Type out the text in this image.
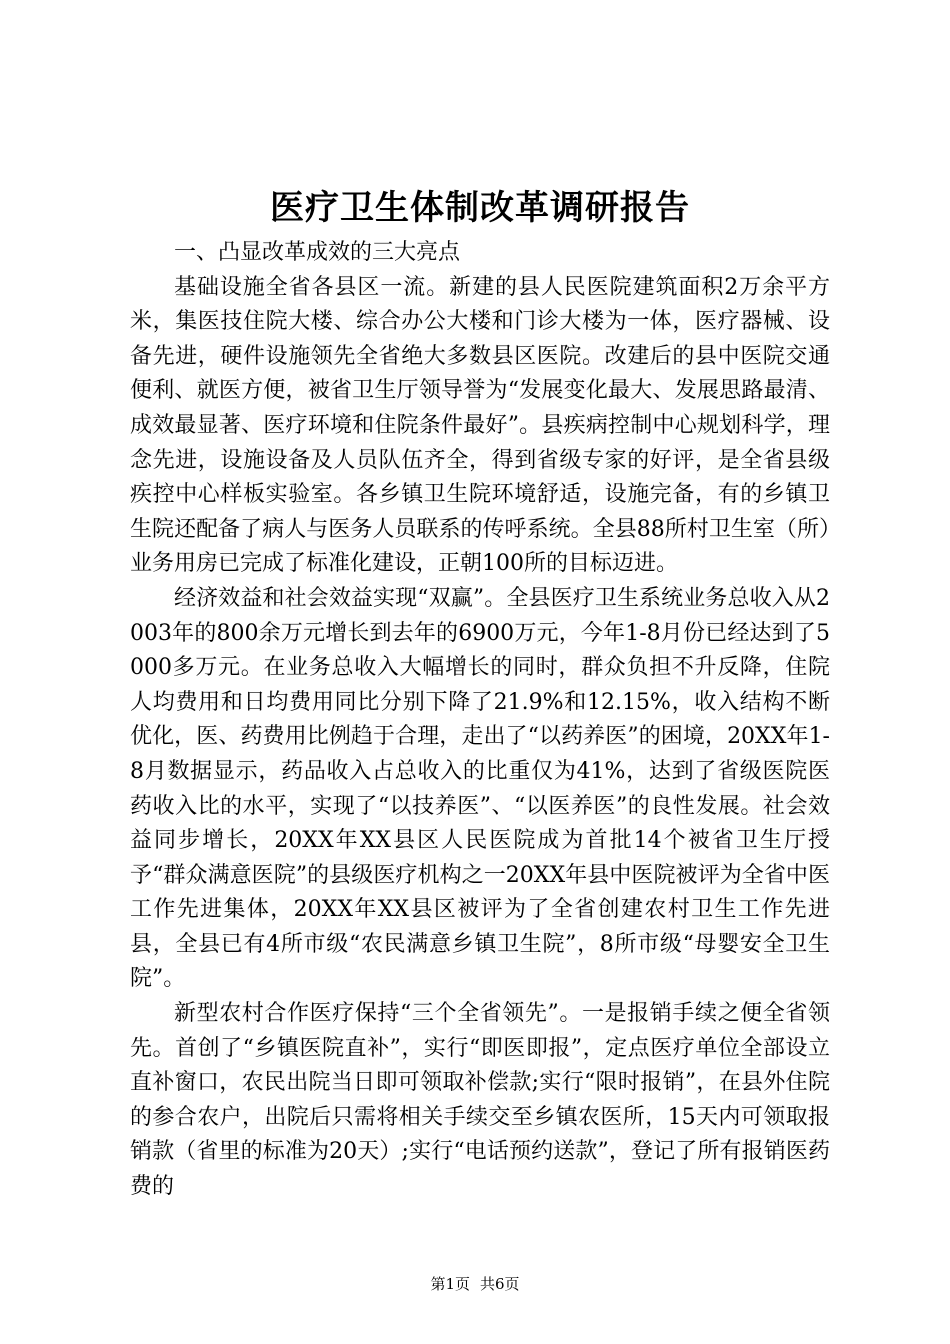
医疗卫生体制改革调研报告

一、凸显改革成效的三大亮点

基础设施全省各县区一流。新建的县人民医院建筑面积2万余平方米，集医技住院大楼、综合办公大楼和门诊大楼为一体，医疗器械、设备先进，硬件设施领先全省绝大多数县区医院。改建后的县中医院交通便利、就医方便，被省卫生厅领导誉为“发展变化最大、发展思路最清、成效最显著、医疗环境和住院条件最好”。县疾病控制中心规划科学，理念先进，设施设备及人员队伍齐全，得到省级专家的好评，是全省县级疾控中心样板实验室。各乡镇卫生院环境舒适，设施完备，有的乡镇卫生院还配备了病人与医务人员联系的传呼系统。全县88所村卫生室（所）业务用房已完成了标准化建设，正朝100所的目标迈进。

经济效益和社会效益实现“双赢”。全县医疗卫生系统业务总收入从2003年的800余万元增长到去年的6900万元，今年1-8月份已经达到了5000多万元。在业务总收入大幅增长的同时，群众负担不升反降，住院人均费用和日均费用同比分别下降了21.9%和12.15%，收入结构不断优化，医、药费用比例趋于合理，走出了“以药养医”的困境，20XX年1-8月数据显示，药品收入占总收入的比重仅为41%，达到了省级医院医药收入比的水平，实现了“以技养医”、“以医养医”的良性发展。社会效益同步增长，20XX年XX县区人民医院成为首批14个被省卫生厅授予“群众满意医院”的县级医疗机构之一20XX年县中医院被评为全省中医工作先进集体，20XX年XX县区被评为了全省创建农村卫生工作先进县，全县已有4所市级“农民满意乡镇卫生院”，8所市级“母婴安全卫生院”。

新型农村合作医疗保持“三个全省领先”。一是报销手续之便全省领先。首创了“乡镇医院直补”，实行“即医即报”，定点医疗单位全部设立直补窗口，农民出院当日即可领取补偿款;实行“限时报销”，在县外住院的参合农户，出院后只需将相关手续交至乡镇农医所，15天内可领取报销款（省里的标准为20天）;实行“电话预约送款”，登记了所有报销医药费的

第1页 共6页
